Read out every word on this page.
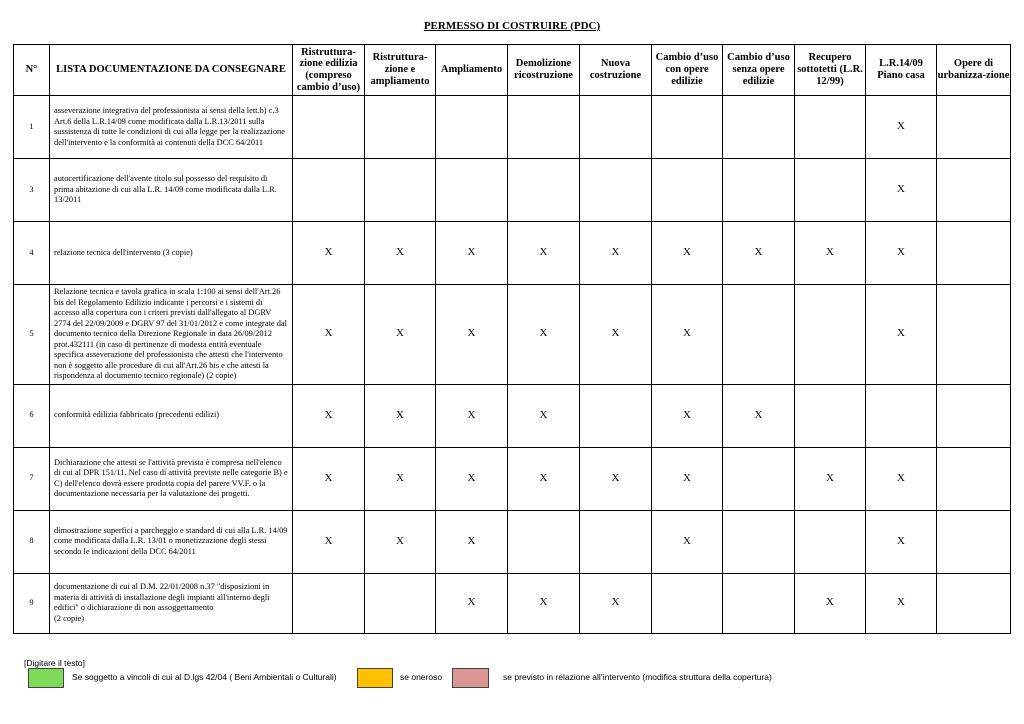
PERMESSO DI COSTRUIRE (PDC)
N°	LISTA DOCUMENTAZIONE DA CONSEGNARE	Ristruttura-zione edilizia (compreso cambio d’uso)	Ristruttura-zione e ampliamento	Ampliamento	Demolizione ricostruzione	Nuova costruzione	Cambio d’uso con opere edilizie	Cambio d’uso senza opere edilizie	Recupero sottotetti (L.R. 12/99)	L.R.14/09 Piano casa	Opere di urbanizza-zione
1	asseverazione integrativa del professionista ai sensi della lett.b) c.3 Art.6 della L.R.14/09 come modificata dalla L.R.13/2011 sulla sussistenza di tutte le condizioni di cui alla legge per la realizzazione dell'intervento e la conformità ai contenuti della DCC 64/2011									X	
3	autocertificazione dell'avente titolo sul possesso del requisito di prima abitazione di cui alla L.R. 14/09 come modificata dalla L.R. 13/2011									X	
4	relazione tecnica dell'intervento (3 copie)	X	X	X	X	X	X	X	X	X	
5	Relazione tecnica e tavola grafica in scala 1:100 ai sensi dell'Art.26 bis del Regolamento Edilizio indicante i percorsi e i sistemi di accesso alla copertura con i criteri previsti dall'allegato al DGRV 2774 del 22/09/2009 e DGRV 97 del 31/01/2012 e come integrate dal documento tecnico della Direzione Regionale in data 26/09/2012 prot.432111 (in caso di pertinenze di modesta entità eventuale specifica asseverazione del professionista che attesti che l'intervento non è soggetto alle procedure di cui all'Art.26 bis e che attesti la rispondenza al documento tecnico regionale) (2 copie)	X	X	X	X	X	X			X	
6	conformità edilizia fabbricato (precedenti edilizi)	X	X	X	X		X	X			
7	Dichiarazione che attesti se l'attività prevista è compresa nell'elenco di cui al DPR 151/11. Nel caso di attività previste nelle categorie B) e C) dell'elenco dovrà essere prodotta copia del parere VV.F. o la documentazione necessaria per la valutazione dei progetti.	X	X	X	X	X	X		X	X	
8	dimostrazione superfici a parcheggio e standard di cui alla L.R. 14/09 come modificata dalla L.R. 13/01 o monetizzazione degli stessi secondo le indicazioni della DCC 64/2011	X	X	X			X			X	
9	documentazione di cui al D.M. 22/01/2008 n.37 "disposizioni in materia di attività di installazione degli impianti all'interno degli edifici" o dichiarazione di non assoggettamento
(2 copie)			X	X	X			X	X	
[Digitare il testo]
Se soggetto a vincoli di cui al D.lgs 42/04 ( Beni Ambientali o Culturali)	se oneroso	se previsto in relazione all’intervento (modifica struttura della copertura)
